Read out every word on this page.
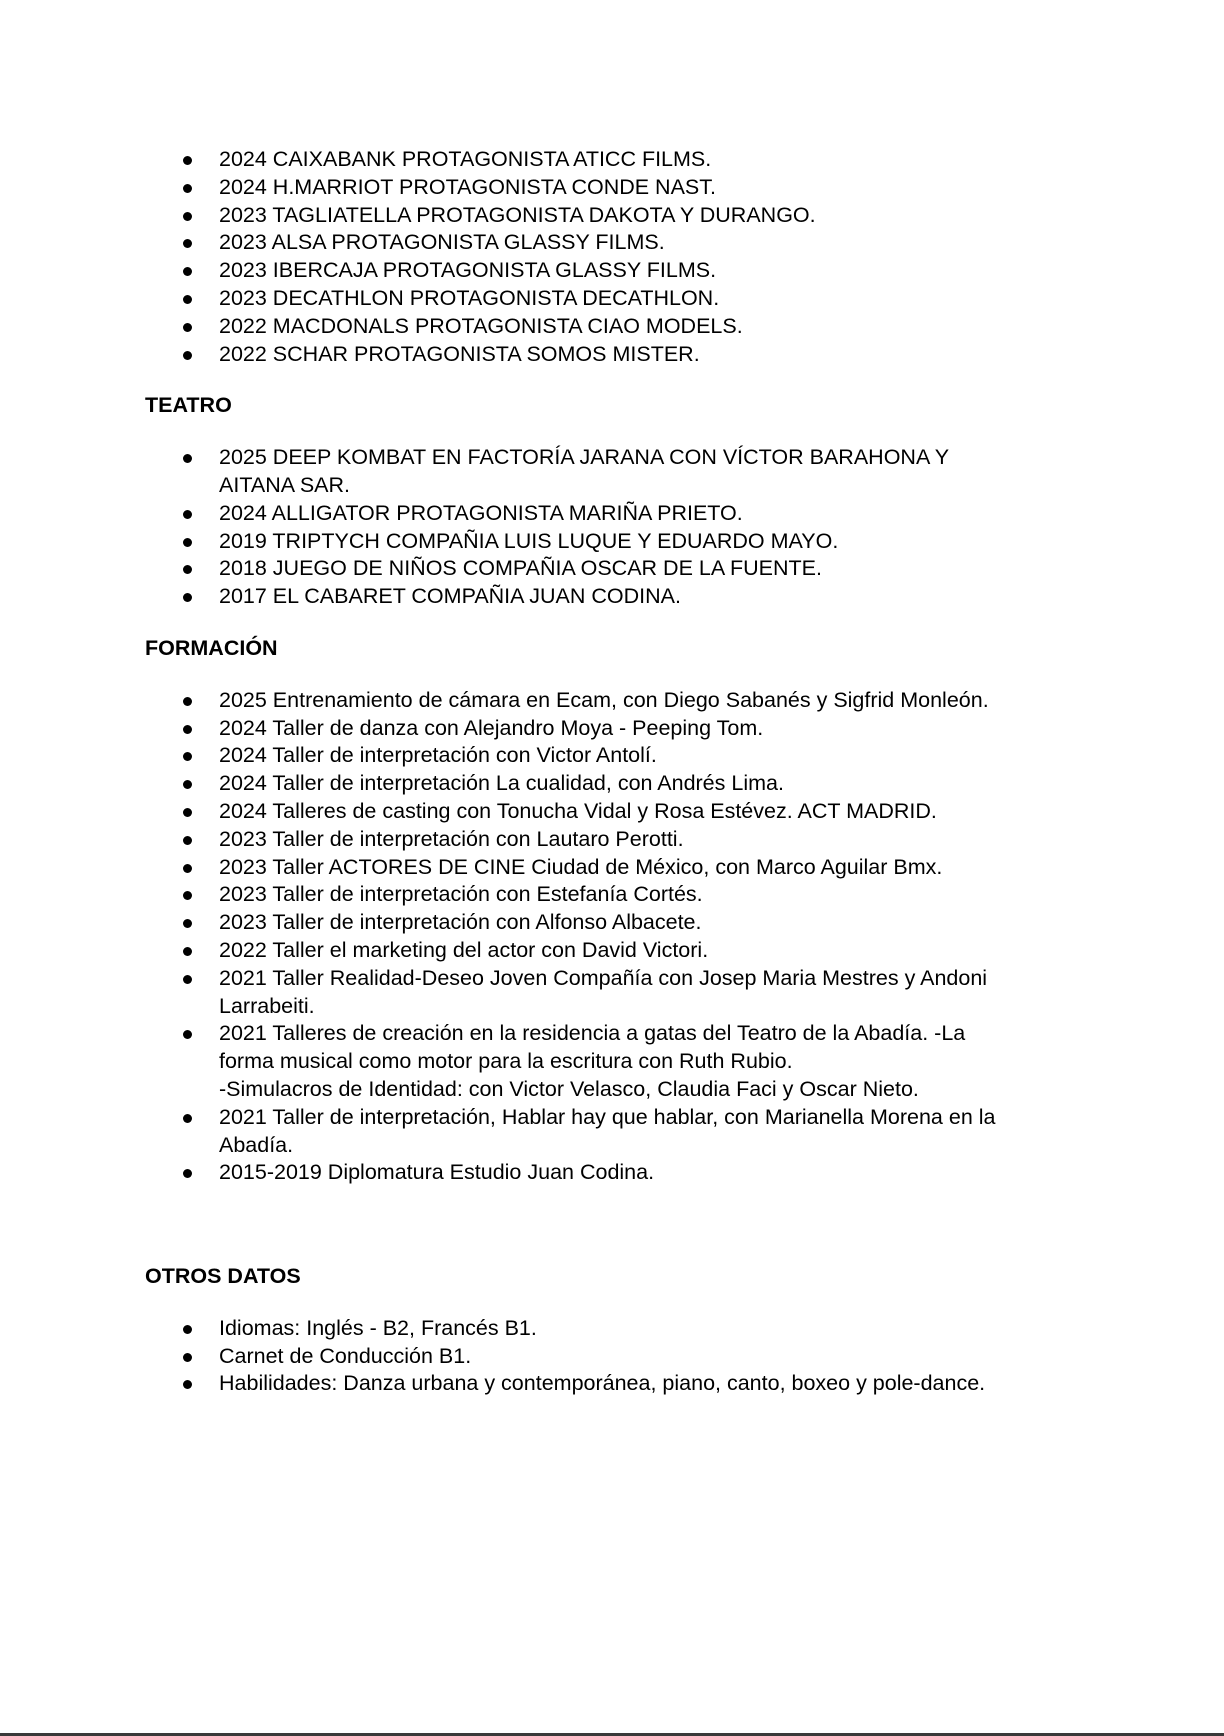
2024 CAIXABANK PROTAGONISTA ATICC FILMS.
2024 H.MARRIOT PROTAGONISTA CONDE NAST.
2023 TAGLIATELLA PROTAGONISTA DAKOTA Y DURANGO.
2023 ALSA PROTAGONISTA GLASSY FILMS.
2023 IBERCAJA PROTAGONISTA GLASSY FILMS.
2023 DECATHLON PROTAGONISTA DECATHLON.
2022 MACDONALS PROTAGONISTA CIAO MODELS.
2022 SCHAR PROTAGONISTA SOMOS MISTER.
TEATRO
2025 DEEP KOMBAT EN FACTORÍA JARANA CON VÍCTOR BARAHONA Y
AITANA SAR.
2024 ALLIGATOR PROTAGONISTA MARIÑA PRIETO.
2019 TRIPTYCH COMPAÑIA LUIS LUQUE Y EDUARDO MAYO.
2018 JUEGO DE NIÑOS COMPAÑIA OSCAR DE LA FUENTE.
2017 EL CABARET COMPAÑIA JUAN CODINA.
FORMACIÓN
2025 Entrenamiento de cámara en Ecam, con Diego Sabanés y Sigfrid Monleón.
2024 Taller de danza con Alejandro Moya - Peeping Tom.
2024 Taller de interpretación con Victor Antolí.
2024 Taller de interpretación La cualidad, con Andrés Lima.
2024 Talleres de casting con Tonucha Vidal y Rosa Estévez. ACT MADRID.
2023 Taller de interpretación con Lautaro Perotti.
2023 Taller ACTORES DE CINE Ciudad de México, con Marco Aguilar Bmx.
2023 Taller de interpretación con Estefanía Cortés.
2023 Taller de interpretación con Alfonso Albacete.
2022 Taller el marketing del actor con David Victori.
2021 Taller Realidad-Deseo Joven Compañía con Josep Maria Mestres y Andoni
Larrabeiti.
2021 Talleres de creación en la residencia a gatas del Teatro de la Abadía. -La
forma musical como motor para la escritura con Ruth Rubio.
-Simulacros de Identidad: con Victor Velasco, Claudia Faci y Oscar Nieto.
2021 Taller de interpretación, Hablar hay que hablar, con Marianella Morena en la
Abadía.
2015-2019 Diplomatura Estudio Juan Codina.
OTROS DATOS
Idiomas: Inglés - B2, Francés B1.
Carnet de Conducción B1.
Habilidades: Danza urbana y contemporánea, piano, canto, boxeo y pole-dance.
